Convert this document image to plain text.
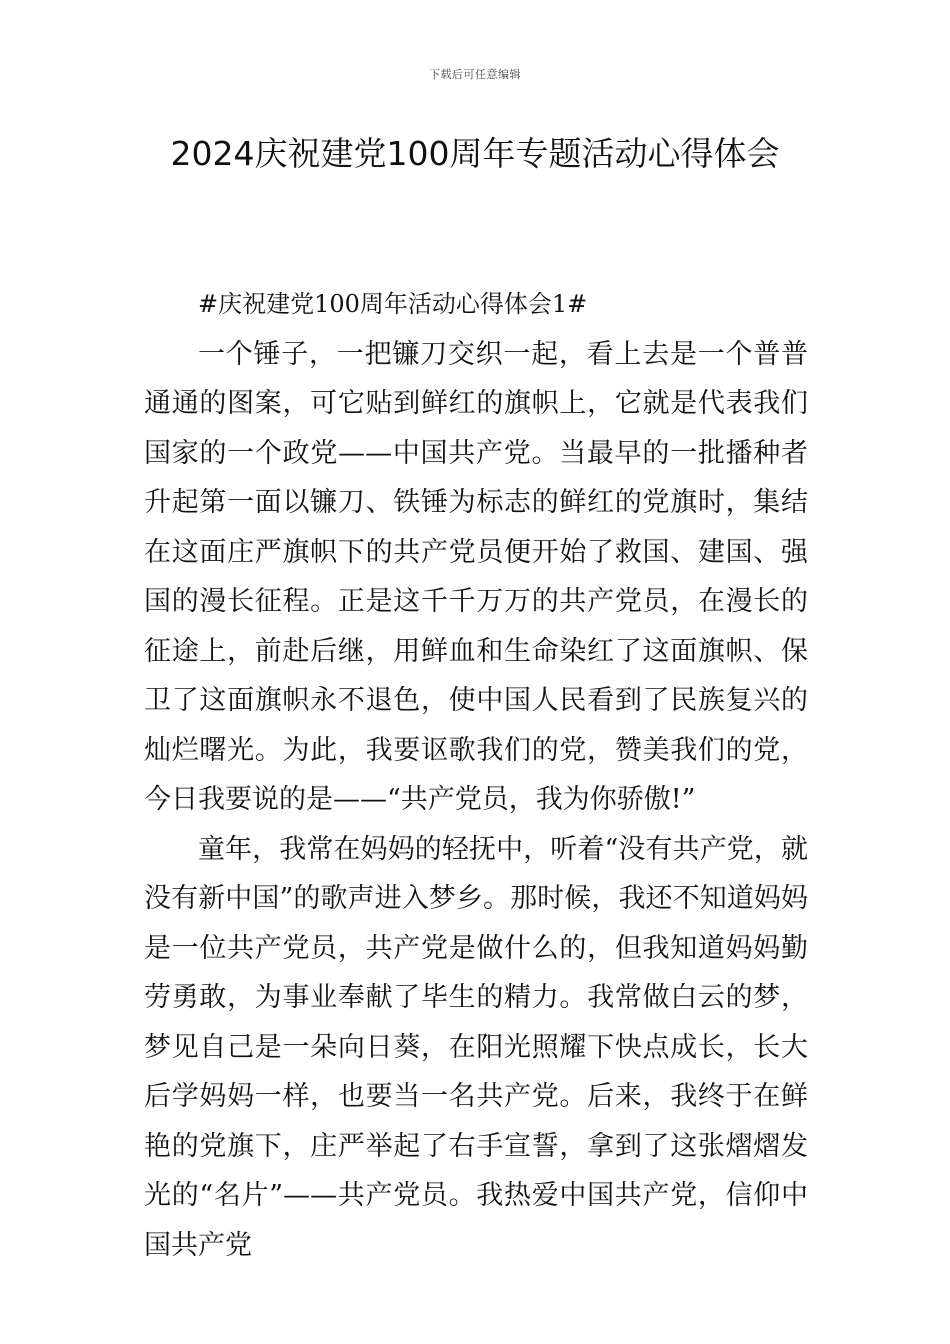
下载后可任意编辑
2024庆祝建党100周年专题活动心得体会

#庆祝建党100周年活动心得体会1#

一个锤子，一把镰刀交织一起，看上去是一个普普通通的图案，可它贴到鲜红的旗帜上，它就是代表我们国家的一个政党——中国共产党。当最早的一批播种者升起第一面以镰刀、铁锤为标志的鲜红的党旗时，集结在这面庄严旗帜下的共产党员便开始了救国、建国、强国的漫长征程。正是这千千万万的共产党员，在漫长的征途上，前赴后继，用鲜血和生命染红了这面旗帜、保卫了这面旗帜永不退色，使中国人民看到了民族复兴的灿烂曙光。为此，我要讴歌我们的党，赞美我们的党，今日我要说的是——“共产党员，我为你骄傲!”

童年，我常在妈妈的轻抚中，听着“没有共产党，就没有新中国”的歌声进入梦乡。那时候，我还不知道妈妈是一位共产党员，共产党是做什么的，但我知道妈妈勤劳勇敢，为事业奉献了毕生的精力。我常做白云的梦，梦见自己是一朵向日葵，在阳光照耀下快点成长，长大后学妈妈一样，也要当一名共产党。后来，我终于在鲜艳的党旗下，庄严举起了右手宣誓，拿到了这张熠熠发光的“名片”——共产党员。我热爱中国共产党，信仰中国共产党
